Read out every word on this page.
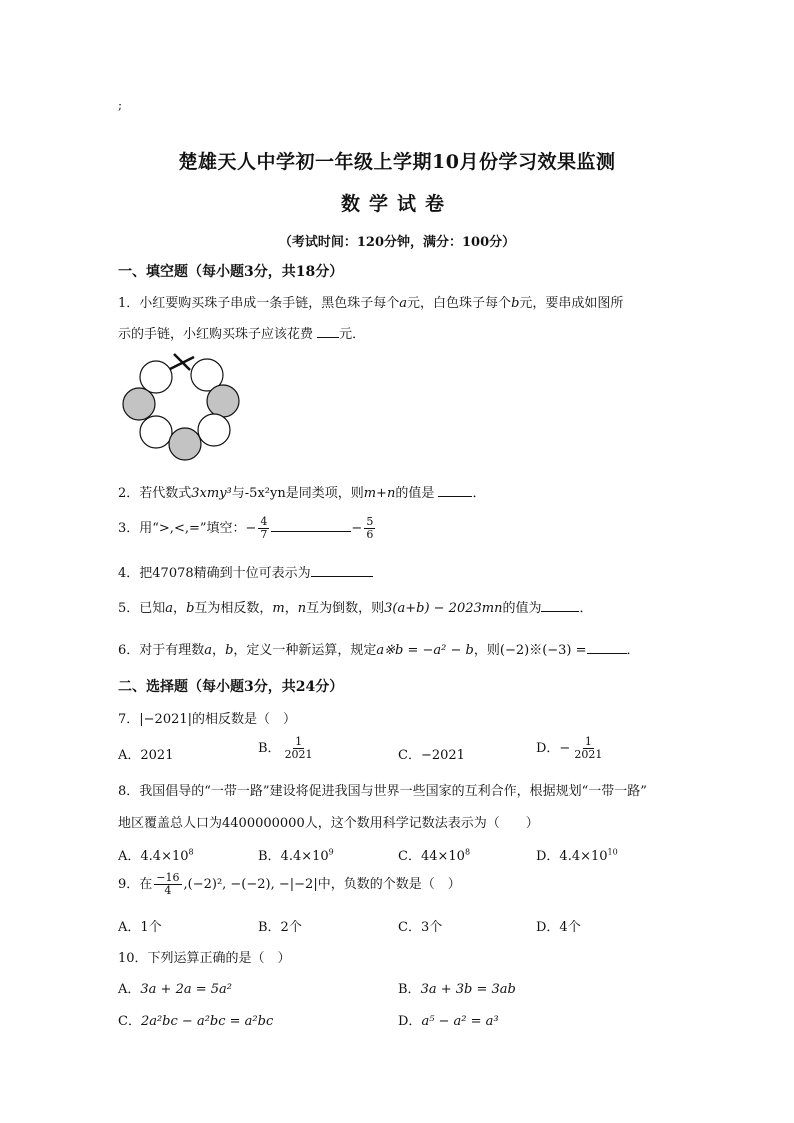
;
楚雄天人中学初一年级上学期10月份学习效果监测
数学试卷
（考试时间：120分钟，满分：100分）
一、填空题（每小题3分，共18分）
1．小红要购买珠子串成一条手链，黑色珠子每个a元，白色珠子每个b元，要串成如图所
示的手链，小红购买珠子应该花费 元．
2．若代数式3xmy³与-5x²yn是同类项，则m+n的值是	．
3．用“>,<,=”填空：− $\frac{4}{7}$	− $\frac{5}{6}$
4．把47078精确到十位可表示为
5．已知a，b互为相反数，m，n互为倒数，则3(a+b) − 2023mn的值为	．
6．对于有理数a，b，定义一种新运算，规定a※b = −a² − b，则(−2)※(−3) =	．
二、选择题（每小题3分，共24分）
7．|−2021|的相反数是（　）
A．2021	B． $\frac{1}{2021}$	C．−2021	D．− $\frac{1}{2021}$
8．我国倡导的“一带一路”建设将促进我国与世界一些国家的互利合作，根据规划“一带一路”
地区覆盖总人口为4400000000人，这个数用科学记数法表示为（　　）
A．$4.4\times 10^8$	B．$4.4\times 10^9$	C．$44\times 10^8$	D．$4.4\times 10^{10}$
9．在 $\frac{-16}{4} ,(-2)^2$, −(−2), −|−2|中，负数的个数是（　）
A．1个	B．2个	C．3个	D．4个
10．下列运算正确的是（　）
A．3a + 2a = 5a²	B．3a + 3b = 3ab
C．2a²bc − a²bc = a²bc	D．a⁵ − a² = a³
